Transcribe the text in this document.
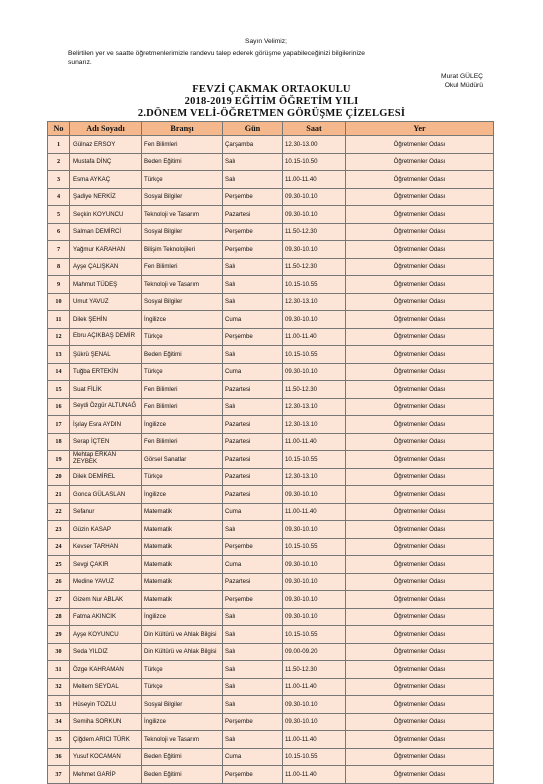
Sayın Velimiz;
Belirtilen yer ve saatte öğretmenlerimizle randevu talep ederek görüşme yapabileceğinizi bilgilerinize
sunarız.
Murat GÜLEÇ
Okul Müdürü
FEVZİ ÇAKMAK ORTAOKULU
2018-2019 EĞİTİM ÖĞRETİM YILI
2.DÖNEM VELİ-ÖĞRETMEN GÖRÜŞME ÇİZELGESİ
No	Adı Soyadı	Branşı	Gün	Saat	Yer
1	Gülnaz ERSOY	Fen Bilimleri	Çarşamba	12.30-13.00	Öğretmenler Odası
2	Mustafa DİNÇ	Beden Eğitimi	Salı	10.15-10.50	Öğretmenler Odası
3	Esma AYKAÇ	Türkçe	Salı	11.00-11.40	Öğretmenler Odası
4	Şadiye NERKİZ	Sosyal Bilgiler	Perşembe	09.30-10.10	Öğretmenler Odası
5	Seçkin KOYUNCU	Teknoloji ve Tasarım	Pazartesi	09.30-10.10	Öğretmenler Odası
6	Salman DEMİRCİ	Sosyal Bilgiler	Perşembe	11.50-12.30	Öğretmenler Odası
7	Yağmur KARAHAN	Bilişim Teknolojileri	Perşembe	09.30-10.10	Öğretmenler Odası
8	Ayşe ÇALIŞKAN	Fen Bilimleri	Salı	11.50-12.30	Öğretmenler Odası
9	Mahmut TÜDEŞ	Teknoloji ve Tasarım	Salı	10.15-10.55	Öğretmenler Odası
10	Umut YAVUZ	Sosyal Bilgiler	Salı	12.30-13.10	Öğretmenler Odası
11	Dilek ŞEHİN	İngilizce	Cuma	09.30-10.10	Öğretmenler Odası
12	Ebru AÇIKBAŞ DEMİR	Türkçe	Perşembe	11.00-11.40	Öğretmenler Odası
13	Şükrü ŞENAL	Beden Eğitimi	Salı	10.15-10.55	Öğretmenler Odası
14	Tuğba ERTEKİN	Türkçe	Cuma	09.30-10.10	Öğretmenler Odası
15	Suat FİLİK	Fen Bilimleri	Pazartesi	11.50-12.30	Öğretmenler Odası
16	Seydi Özgür ALTUNAĞ	Fen Bilimleri	Salı	12.30-13.10	Öğretmenler Odası
17	İşılay Esra AYDIN	İngilizce	Pazartesi	12.30-13.10	Öğretmenler Odası
18	Serap İÇTEN	Fen Bilimleri	Pazartesi	11.00-11.40	Öğretmenler Odası
19	Mehtap ERKAN ZEYBEK	Görsel Sanatlar	Pazartesi	10.15-10.55	Öğretmenler Odası
20	Dilek DEMİREL	Türkçe	Pazartesi	12.30-13.10	Öğretmenler Odası
21	Gonca GÜLASLAN	İngilizce	Pazartesi	09.30-10.10	Öğretmenler Odası
22	Sefanur	Matematik	Cuma	11.00-11.40	Öğretmenler Odası
23	Güzin KASAP	Matematik	Salı	09.30-10.10	Öğretmenler Odası
24	Kevser TARHAN	Matematik	Perşembe	10.15-10.55	Öğretmenler Odası
25	Sevgi ÇAKIR	Matematik	Cuma	09.30-10.10	Öğretmenler Odası
26	Medine YAVUZ	Matematik	Pazartesi	09.30-10.10	Öğretmenler Odası
27	Gizem Nur ABLAK	Matematik	Perşembe	09.30-10.10	Öğretmenler Odası
28	Fatma AKINCIK	İngilizce	Salı	09.30-10.10	Öğretmenler Odası
29	Ayşe KOYUNCU	Din Kültürü ve Ahlak Bilgisi	Salı	10.15-10.55	Öğretmenler Odası
30	Seda YILDIZ	Din Kültürü ve Ahlak Bilgisi	Salı	09.00-09.20	Öğretmenler Odası
31	Özge KAHRAMAN	Türkçe	Salı	11.50-12.30	Öğretmenler Odası
32	Meltem SEYDAL	Türkçe	Salı	11.00-11.40	Öğretmenler Odası
33	Hüseyin TOZLU	Sosyal Bilgiler	Salı	09.30-10.10	Öğretmenler Odası
34	Semiha SORKUN	İngilizce	Perşembe	09.30-10.10	Öğretmenler Odası
35	Çiğdem ARICI TÜRK	Teknoloji ve Tasarım	Salı	11.00-11.40	Öğretmenler Odası
36	Yusuf KOCAMAN	Beden Eğitimi	Cuma	10.15-10.55	Öğretmenler Odası
37	Mehmet GARİP	Beden Eğitimi	Perşembe	11.00-11.40	Öğretmenler Odası
